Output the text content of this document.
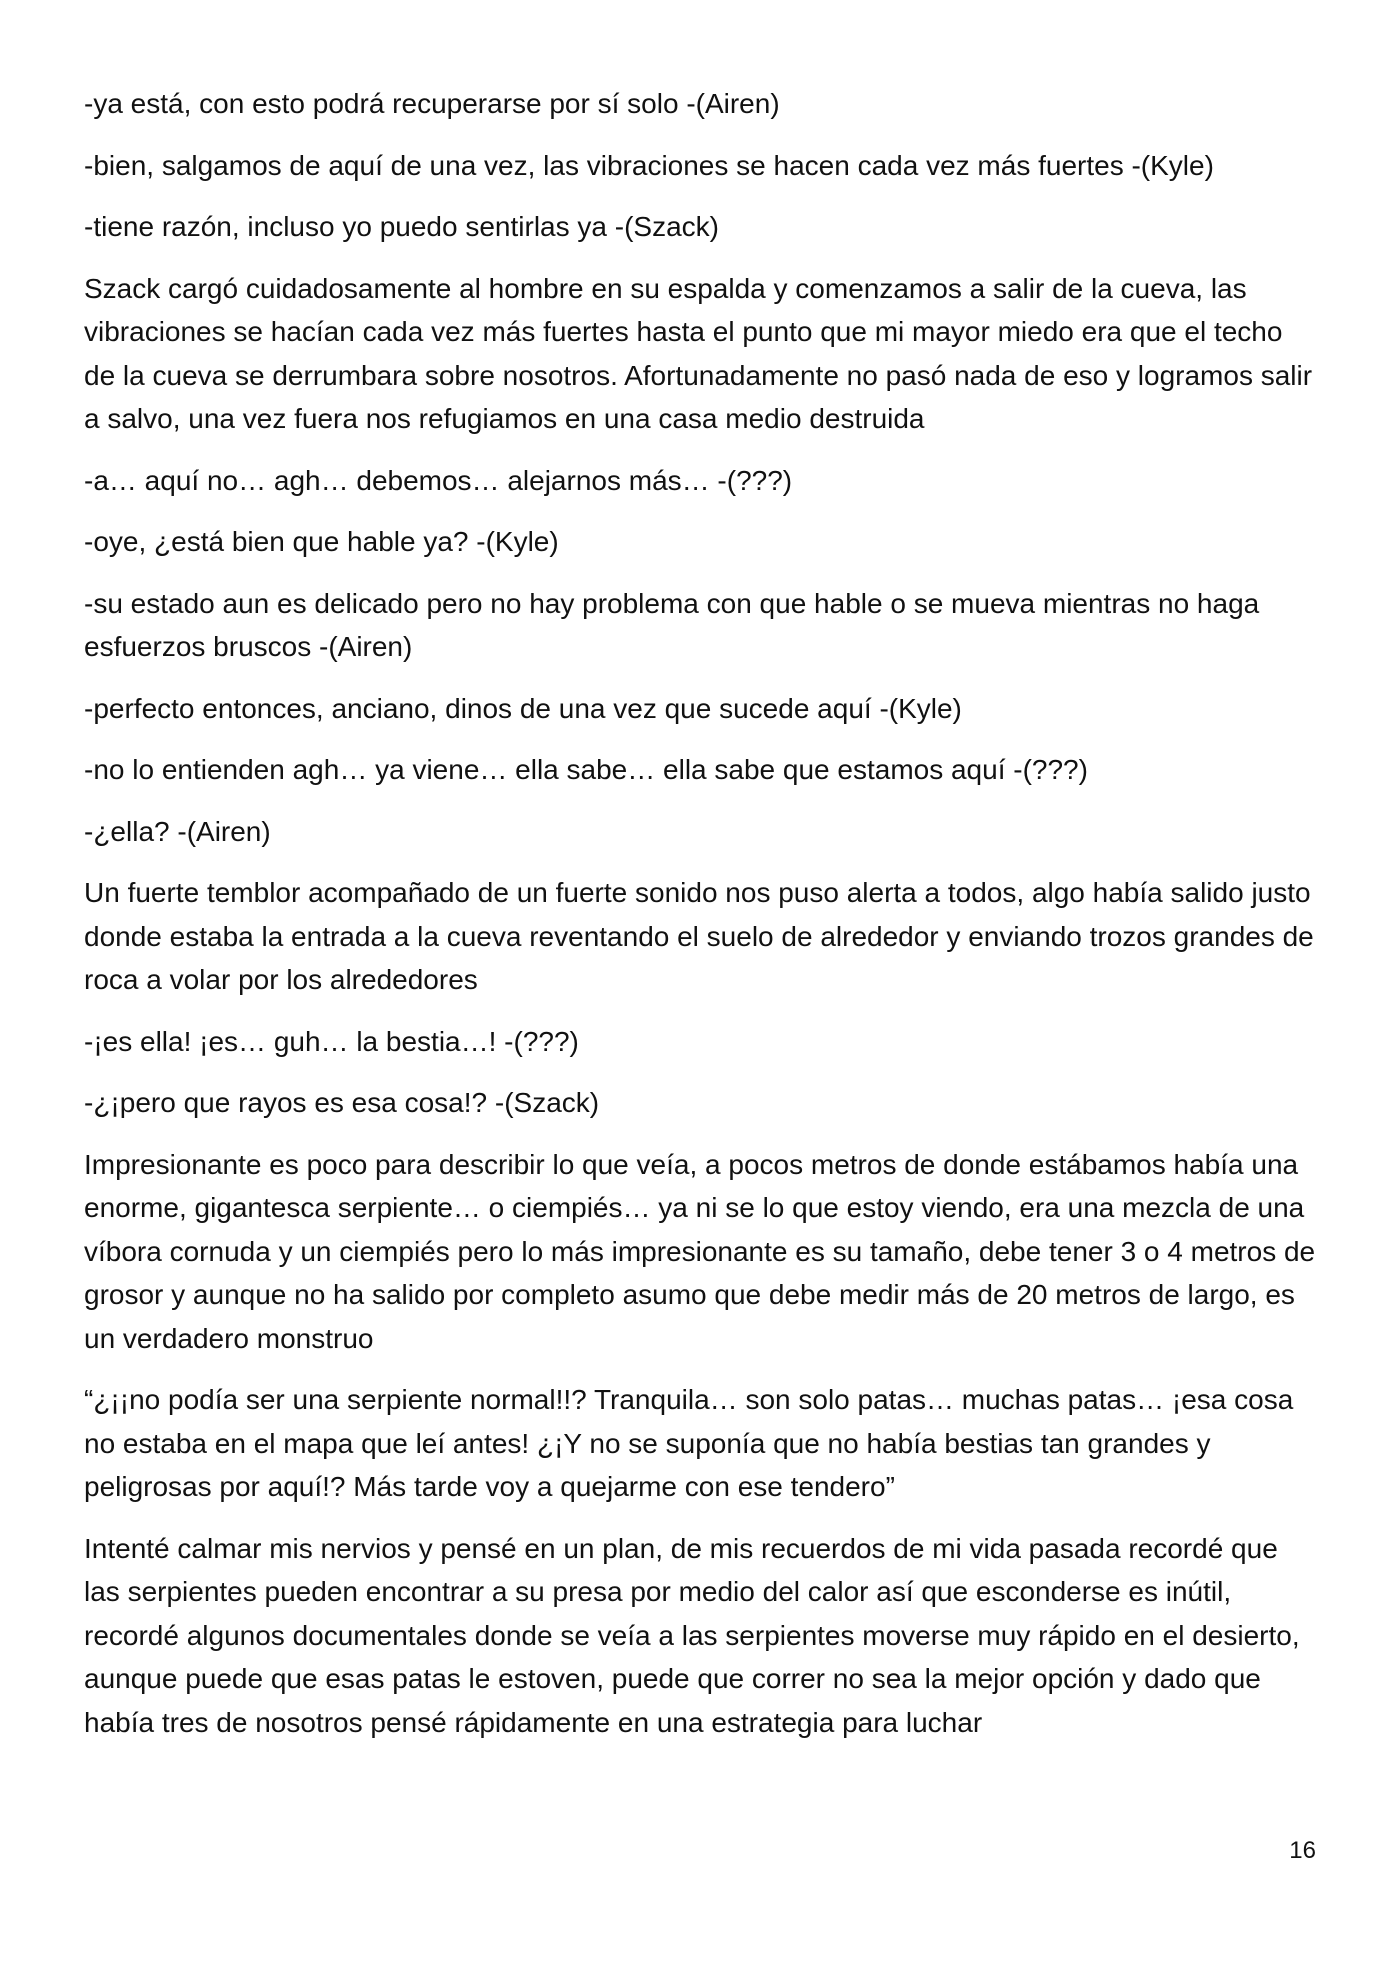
-ya está, con esto podrá recuperarse por sí solo -(Airen)

-bien, salgamos de aquí de una vez, las vibraciones se hacen cada vez más fuertes -(Kyle)

-tiene razón, incluso yo puedo sentirlas ya -(Szack)

Szack cargó cuidadosamente al hombre en su espalda y comenzamos a salir de la cueva, las vibraciones se hacían cada vez más fuertes hasta el punto que mi mayor miedo era que el techo de la cueva se derrumbara sobre nosotros. Afortunadamente no pasó nada de eso y logramos salir a salvo, una vez fuera nos refugiamos en una casa medio destruida

-a… aquí no… agh… debemos… alejarnos más… -(???)

-oye, ¿está bien que hable ya? -(Kyle)

-su estado aun es delicado pero no hay problema con que hable o se mueva mientras no haga esfuerzos bruscos -(Airen)

-perfecto entonces, anciano, dinos de una vez que sucede aquí -(Kyle)

-no lo entienden agh… ya viene… ella sabe… ella sabe que estamos aquí -(???)

-¿ella? -(Airen)

Un fuerte temblor acompañado de un fuerte sonido nos puso alerta a todos, algo había salido justo donde estaba la entrada a la cueva reventando el suelo de alrededor y enviando trozos grandes de roca a volar por los alrededores

-¡es ella! ¡es… guh… la bestia…! -(???)

-¿¡pero que rayos es esa cosa!? -(Szack)

Impresionante es poco para describir lo que veía, a pocos metros de donde estábamos había una enorme, gigantesca serpiente… o ciempiés… ya ni se lo que estoy viendo, era una mezcla de una víbora cornuda y un ciempiés pero lo más impresionante es su tamaño, debe tener 3 o 4 metros de grosor y aunque no ha salido por completo asumo que debe medir más de 20 metros de largo, es un verdadero monstruo

“¿¡¡no podía ser una serpiente normal!!? Tranquila… son solo patas… muchas patas… ¡esa cosa no estaba en el mapa que leí antes! ¿¡Y no se suponía que no había bestias tan grandes y peligrosas por aquí!? Más tarde voy a quejarme con ese tendero”

Intenté calmar mis nervios y pensé en un plan, de mis recuerdos de mi vida pasada recordé que las serpientes pueden encontrar a su presa por medio del calor así que esconderse es inútil, recordé algunos documentales donde se veía a las serpientes moverse muy rápido en el desierto, aunque puede que esas patas le estoven, puede que correr no sea la mejor opción y dado que había tres de nosotros pensé rápidamente en una estrategia para luchar

16
